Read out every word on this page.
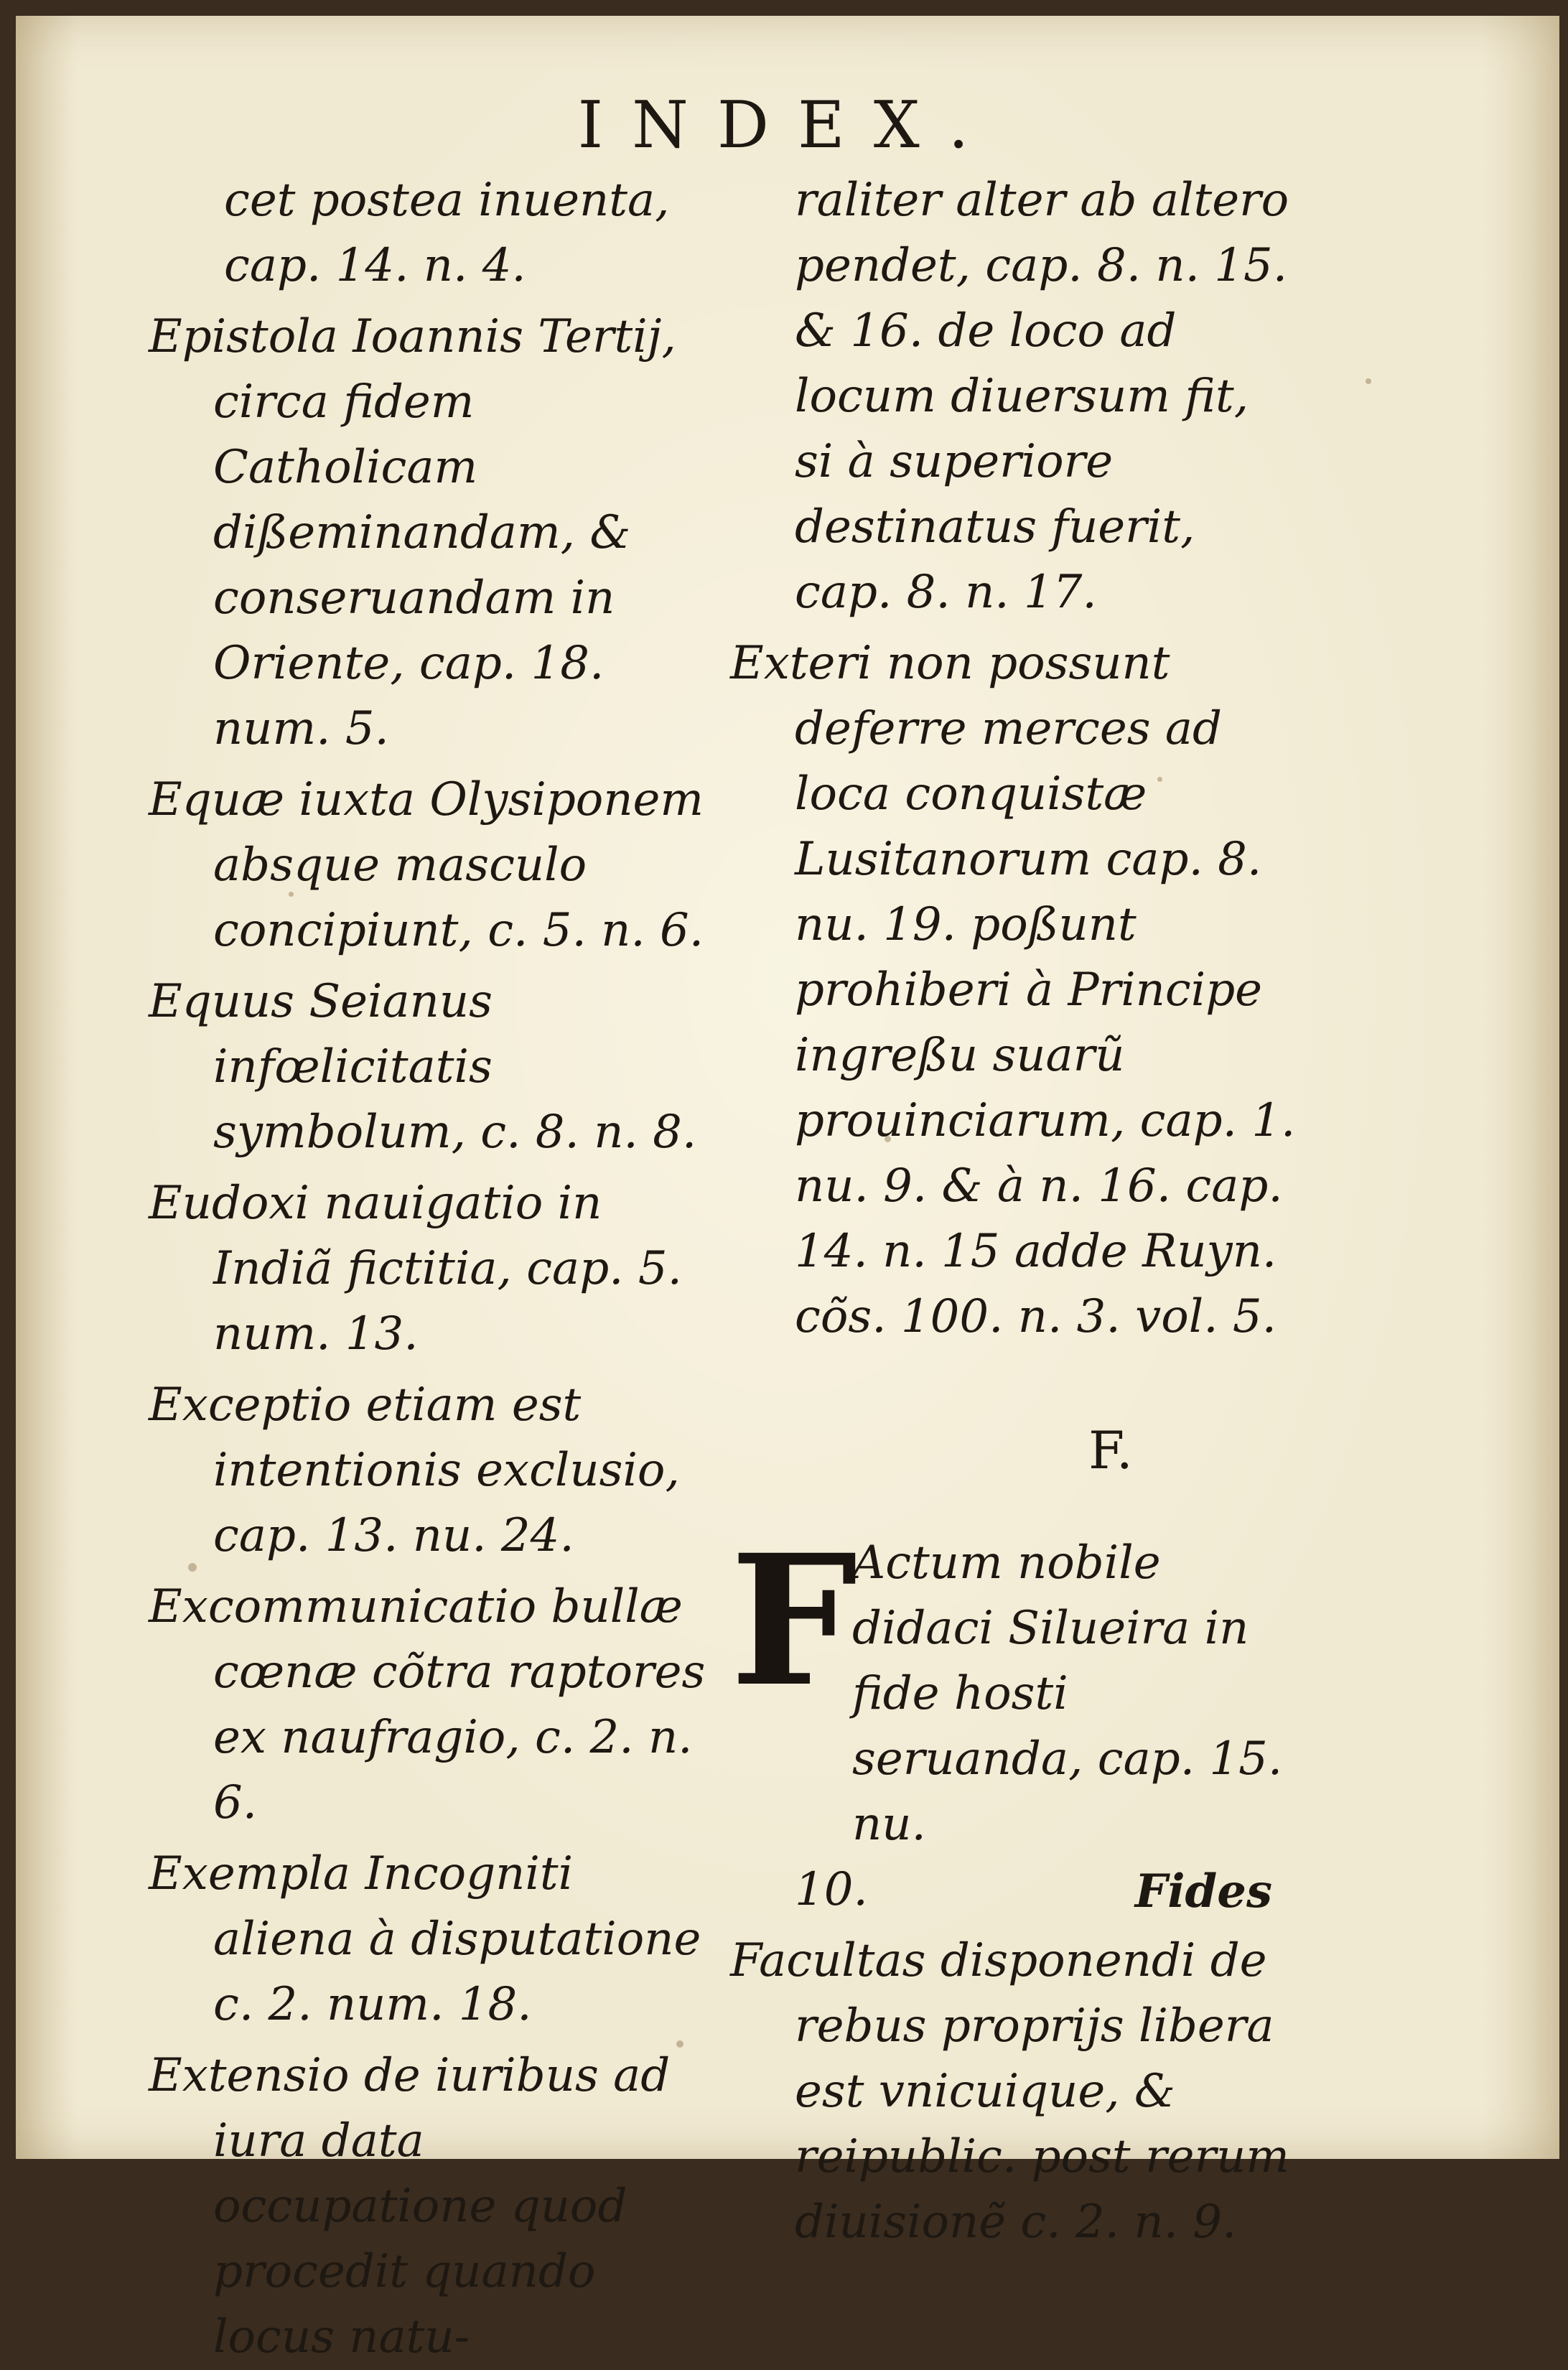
INDEX.

cet postea inuenta, cap. 14. n. 4.

Epistola Ioannis Tertij, circa fidem Catholicam dißeminandam, & conseruandam in Oriente, cap. 18. num. 5.

Equæ iuxta Olysiponem absque masculo concipiunt, c. 5. n. 6.

Equus Seianus infœlicitatis symbolum, c. 8. n. 8.

Eudoxi nauigatio in Indiã fictitia, cap. 5. num. 13.

Exceptio etiam est intentionis exclusio, cap. 13. nu. 24.

Excommunicatio bullæ cœnæ cõtra raptores ex naufragio, c. 2. n. 6.

Exempla Incogniti aliena à disputatione c. 2. num. 18.

Extensio de iuribus ad iura data occupatione quod procedit quando locus natu-

raliter alter ab altero pendet, cap. 8. n. 15. & 16. de loco ad locum diuersum fit, si à superiore destinatus fuerit, cap. 8. n. 17.

Exteri non possunt deferre merces ad loca conquistæ Lusitanorum cap. 8. nu. 19. poßunt prohiberi à Principe ingreßu suarũ prouinciarum, cap. 1. nu. 9. & à n. 16. cap. 14. n. 15 adde Ruyn. cõs. 100. n. 3. vol. 5.

F.
F

Actum nobile didaci Silueira in fide hosti seruanda, cap. 15. nu.

10.

Facultas disponendi de rebus proprijs libera est vnicuique, & reipublic. post rerum diuisionẽ c. 2. n. 9.

Fides
